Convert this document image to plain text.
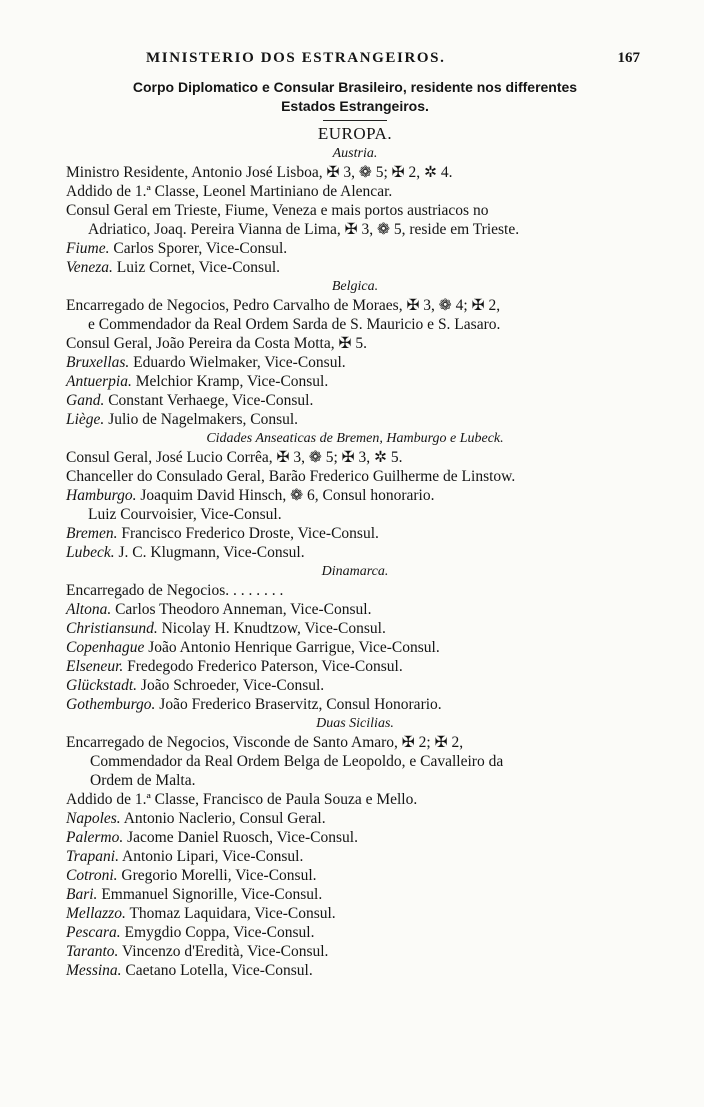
MINISTERIO DOS ESTRANGEIROS.	167
Corpo Diplomatico e Consular Brasileiro, residente nos differentes
Estados Estrangeiros.
EUROPA.
Austria.
Ministro Residente, Antonio José Lisboa, ✠ 3, ❁ 5; ✠ 2, ✲ 4.
Addido de 1.ª Classe, Leonel Martiniano de Alencar.
Consul Geral em Trieste, Fiume, Veneza e mais portos austriacos no
Adriatico, Joaq. Pereira Vianna de Lima, ✠ 3, ❁ 5, reside em Trieste.
Fiume. Carlos Sporer, Vice-Consul.
Veneza. Luiz Cornet, Vice-Consul.
Belgica.
Encarregado de Negocios, Pedro Carvalho de Moraes, ✠ 3, ❁ 4; ✠ 2,
e Commendador da Real Ordem Sarda de S. Mauricio e S. Lasaro.
Consul Geral, João Pereira da Costa Motta, ✠ 5.
Bruxellas. Eduardo Wielmaker, Vice-Consul.
Antuerpia. Melchior Kramp, Vice-Consul.
Gand. Constant Verhaege, Vice-Consul.
Liège. Julio de Nagelmakers, Consul.
Cidades Anseaticas de Bremen, Hamburgo e Lubeck.
Consul Geral, José Lucio Corrêa, ✠ 3, ❁ 5; ✠ 3, ✲ 5.
Chanceller do Consulado Geral, Barão Frederico Guilherme de Linstow.
Hamburgo. Joaquim David Hinsch, ❁ 6, Consul honorario.
Luiz Courvoisier, Vice-Consul.
Bremen. Francisco Frederico Droste, Vice-Consul.
Lubeck. J. C. Klugmann, Vice-Consul.
Dinamarca.
Encarregado de Negocios. . . . . . . .
Altona. Carlos Theodoro Anneman, Vice-Consul.
Christiansund. Nicolay H. Knudtzow, Vice-Consul.
Copenhague João Antonio Henrique Garrigue, Vice-Consul.
Elseneur. Fredegodo Frederico Paterson, Vice-Consul.
Glückstadt. João Schroeder, Vice-Consul.
Gothemburgo. João Frederico Braservitz, Consul Honorario.
Duas Sicilias.
Encarregado de Negocios, Visconde de Santo Amaro, ✠ 2; ✠ 2,
Commendador da Real Ordem Belga de Leopoldo, e Cavalleiro da
Ordem de Malta.
Addido de 1.ª Classe, Francisco de Paula Souza e Mello.
Napoles. Antonio Naclerio, Consul Geral.
Palermo. Jacome Daniel Ruosch, Vice-Consul.
Trapani. Antonio Lipari, Vice-Consul.
Cotroni. Gregorio Morelli, Vice-Consul.
Bari. Emmanuel Signorille, Vice-Consul.
Mellazzo. Thomaz Laquidara, Vice-Consul.
Pescara. Emygdio Coppa, Vice-Consul.
Taranto. Vincenzo d'Eredità, Vice-Consul.
Messina. Caetano Lotella, Vice-Consul.
